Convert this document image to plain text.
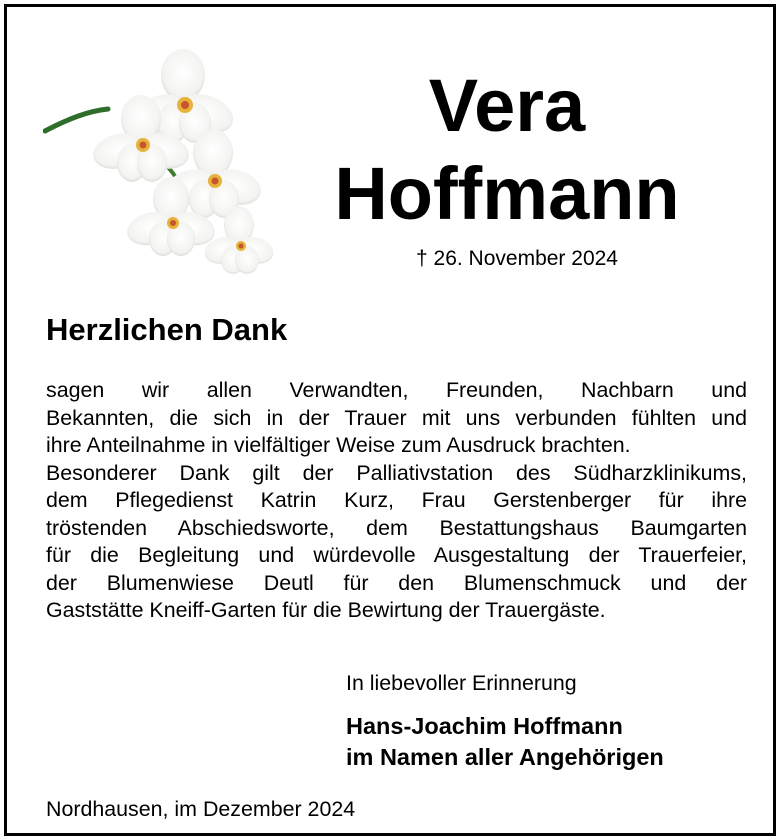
Vera
Hoffmann

† 26. November 2024

Herzlichen Dank

sagen wir allen Verwandten, Freunden, Nachbarn und
Bekannten, die sich in der Trauer mit uns verbunden fühlten und
ihre Anteilnahme in vielfältiger Weise zum Ausdruck brachten.
Besonderer Dank gilt der Palliativstation des Südharzklinikums,
dem Pflegedienst Katrin Kurz, Frau Gerstenberger für ihre
tröstenden Abschiedsworte, dem Bestattungshaus Baumgarten
für die Begleitung und würdevolle Ausgestaltung der Trauerfeier,
der Blumenwiese Deutl für den Blumenschmuck und der
Gaststätte Kneiff-Garten für die Bewirtung der Trauergäste.

In liebevoller Erinnerung

Hans-Joachim Hoffmann
im Namen aller Angehörigen

Nordhausen, im Dezember 2024
